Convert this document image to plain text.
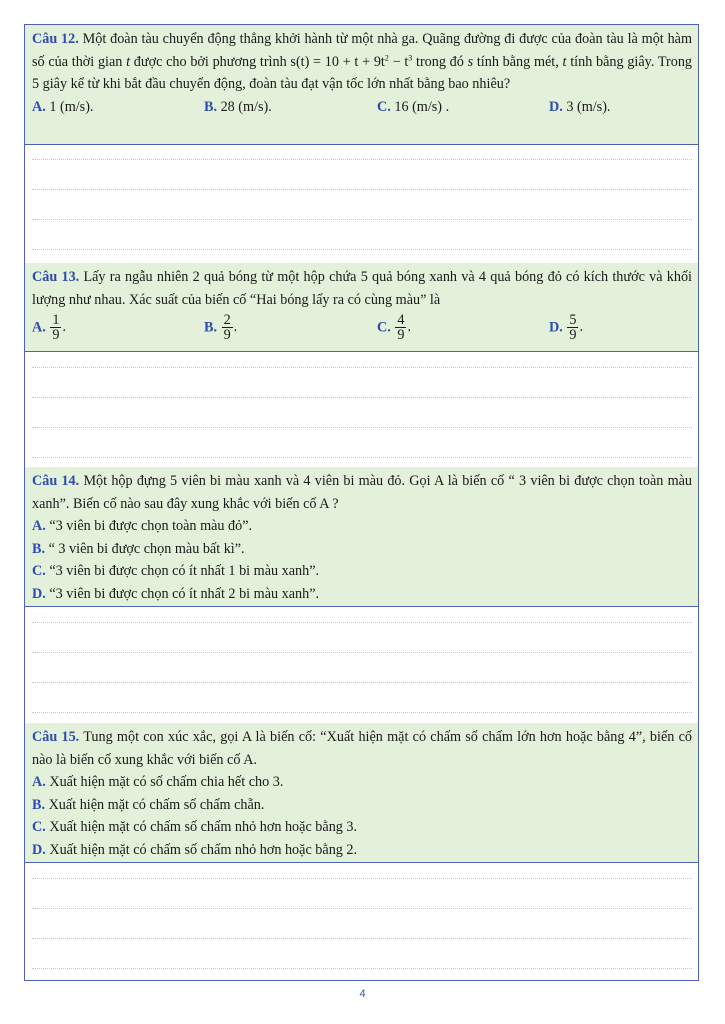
Câu 12. Một đoàn tàu chuyển động thẳng khởi hành từ một nhà ga. Quãng đường đi được của đoàn tàu là một hàm số của thời gian t được cho bởi phương trình $s(t) = 10 + t + 9t^2 - t^3$ trong đó s tính bằng mét, t tính bằng giây. Trong 5 giây kể từ khi bắt đầu chuyển động, đoàn tàu đạt vận tốc lớn nhất bằng bao nhiêu?

A. 1 (m/s).	B. 28 (m/s).	C. 16 (m/s) .	D. 3 (m/s).

Câu 13. Lấy ra ngẫu nhiên 2 quả bóng từ một hộp chứa 5 quả bóng xanh và 4 quả bóng đỏ có kích thước và khối lượng như nhau. Xác suất của biến cố “Hai bóng lấy ra có cùng màu” là

A. $\frac{1}{9}$ .	B. $\frac{2}{9}$ .	C. $\frac{4}{9}$ .	D. $\frac{5}{9}$ .

Câu 14. Một hộp đựng 5 viên bi màu xanh và 4 viên bi màu đỏ. Gọi A là biến cố “ 3 viên bi được chọn toàn màu xanh”. Biến cố nào sau đây xung khắc với biến cố A ?

A. “3 viên bi được chọn toàn màu đỏ”.
B. “ 3 viên bi được chọn màu bất kì”.
C. “3 viên bi được chọn có ít nhất 1 bi màu xanh”.
D. “3 viên bi được chọn có ít nhất 2 bi màu xanh”.

Câu 15. Tung một con xúc xắc, gọi A là biến cố: “Xuất hiện mặt có chấm số chấm lớn hơn hoặc bằng 4”, biến cố nào là biến cố xung khắc với biến cố A.

A. Xuất hiện mặt có số chấm chia hết cho 3.
B. Xuất hiện mặt có chấm số chấm chẵn.
C. Xuất hiện mặt có chấm số chấm nhỏ hơn hoặc bằng 3.
D. Xuất hiện mặt có chấm số chấm nhỏ hơn hoặc bằng 2.
4
